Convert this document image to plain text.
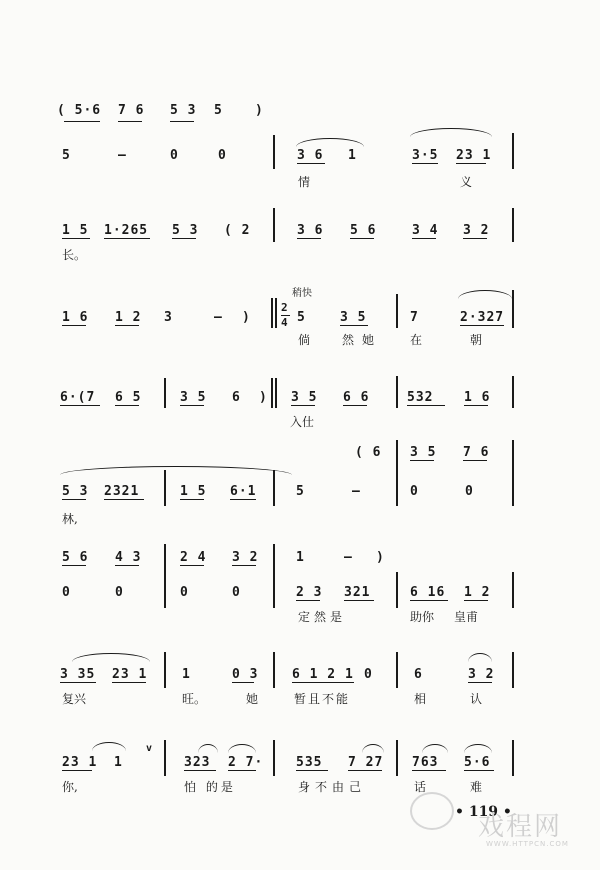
( 5·6 7 6 5 3 5 )
5	–	0	0	3 6 1	3·5 23 1
情	义
1 5 1·265 5 3 ( 2	3 6 5 6	3 4 3 2
长。
稍快
1 6 1 2 3	– )
2
4 5	3 5	7	2·327
倘	然她 在	朝
6·(7 6 5	3 5 6 ) 3 5 6 6	532 1 6
入仕
( 6 3 5 7 6
5 3 2321	1 5 6·1	5	–	0	0
林,
5 6 4 3	2 4 3 2	1	– )
0	0	0	0	2 3 321	6 16 1 2
定然是	助你 皇甫
3 35 23 1	1	0 3	6 1 2 1 0	6	3 2
复兴	旺。	她	暂且不能	相	认
23 1 1
v
323 2 7·	535 7 27 763 5·6
你,	怕 的是	身不由己	话	难
• 119 •
戏程网
WWW.HTTPCN.COM
